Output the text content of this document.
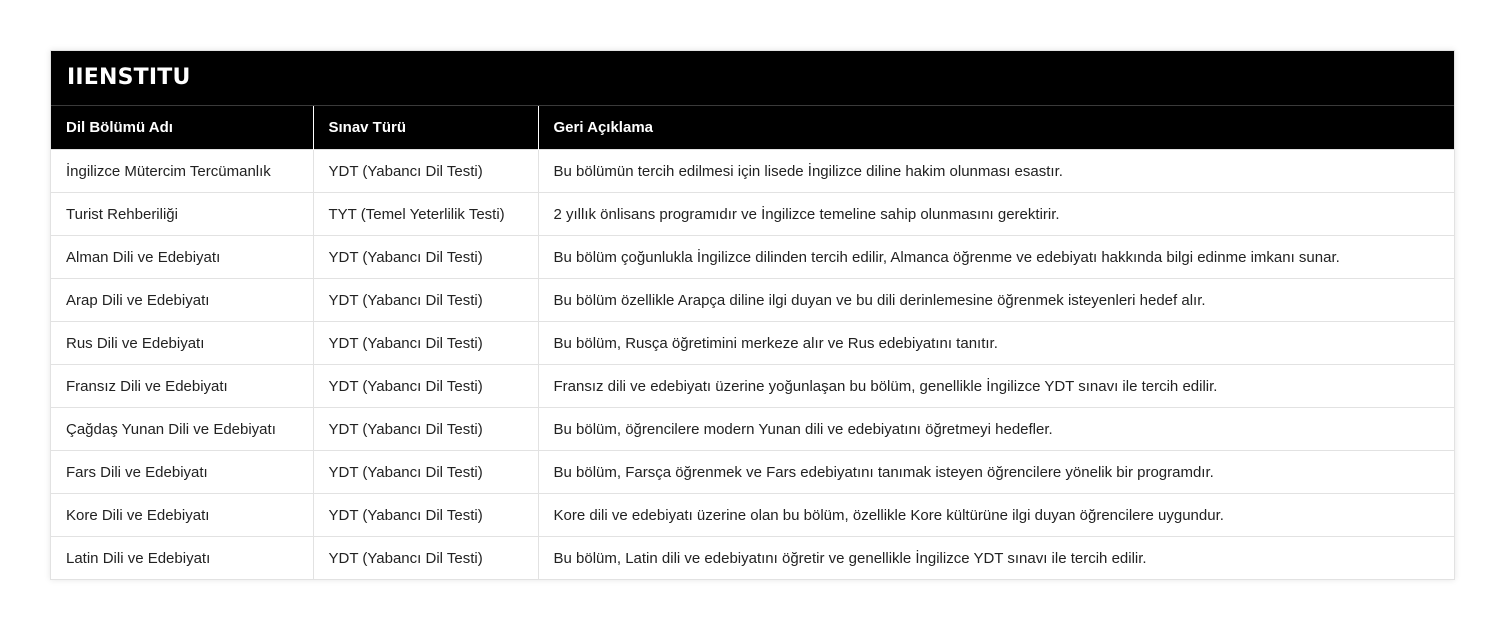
IIENSTITU
Dil Bölümü Adı	Sınav Türü	Geri Açıklama
İngilizce Mütercim Tercümanlık	YDT (Yabancı Dil Testi)	Bu bölümün tercih edilmesi için lisede İngilizce diline hakim olunması esastır.
Turist Rehberiliği	TYT (Temel Yeterlilik Testi)	2 yıllık önlisans programıdır ve İngilizce temeline sahip olunmasını gerektirir.
Alman Dili ve Edebiyatı	YDT (Yabancı Dil Testi)	Bu bölüm çoğunlukla İngilizce dilinden tercih edilir, Almanca öğrenme ve edebiyatı hakkında bilgi edinme imkanı sunar.
Arap Dili ve Edebiyatı	YDT (Yabancı Dil Testi)	Bu bölüm özellikle Arapça diline ilgi duyan ve bu dili derinlemesine öğrenmek isteyenleri hedef alır.
Rus Dili ve Edebiyatı	YDT (Yabancı Dil Testi)	Bu bölüm, Rusça öğretimini merkeze alır ve Rus edebiyatını tanıtır.
Fransız Dili ve Edebiyatı	YDT (Yabancı Dil Testi)	Fransız dili ve edebiyatı üzerine yoğunlaşan bu bölüm, genellikle İngilizce YDT sınavı ile tercih edilir.
Çağdaş Yunan Dili ve Edebiyatı	YDT (Yabancı Dil Testi)	Bu bölüm, öğrencilere modern Yunan dili ve edebiyatını öğretmeyi hedefler.
Fars Dili ve Edebiyatı	YDT (Yabancı Dil Testi)	Bu bölüm, Farsça öğrenmek ve Fars edebiyatını tanımak isteyen öğrencilere yönelik bir programdır.
Kore Dili ve Edebiyatı	YDT (Yabancı Dil Testi)	Kore dili ve edebiyatı üzerine olan bu bölüm, özellikle Kore kültürüne ilgi duyan öğrencilere uygundur.
Latin Dili ve Edebiyatı	YDT (Yabancı Dil Testi)	Bu bölüm, Latin dili ve edebiyatını öğretir ve genellikle İngilizce YDT sınavı ile tercih edilir.
